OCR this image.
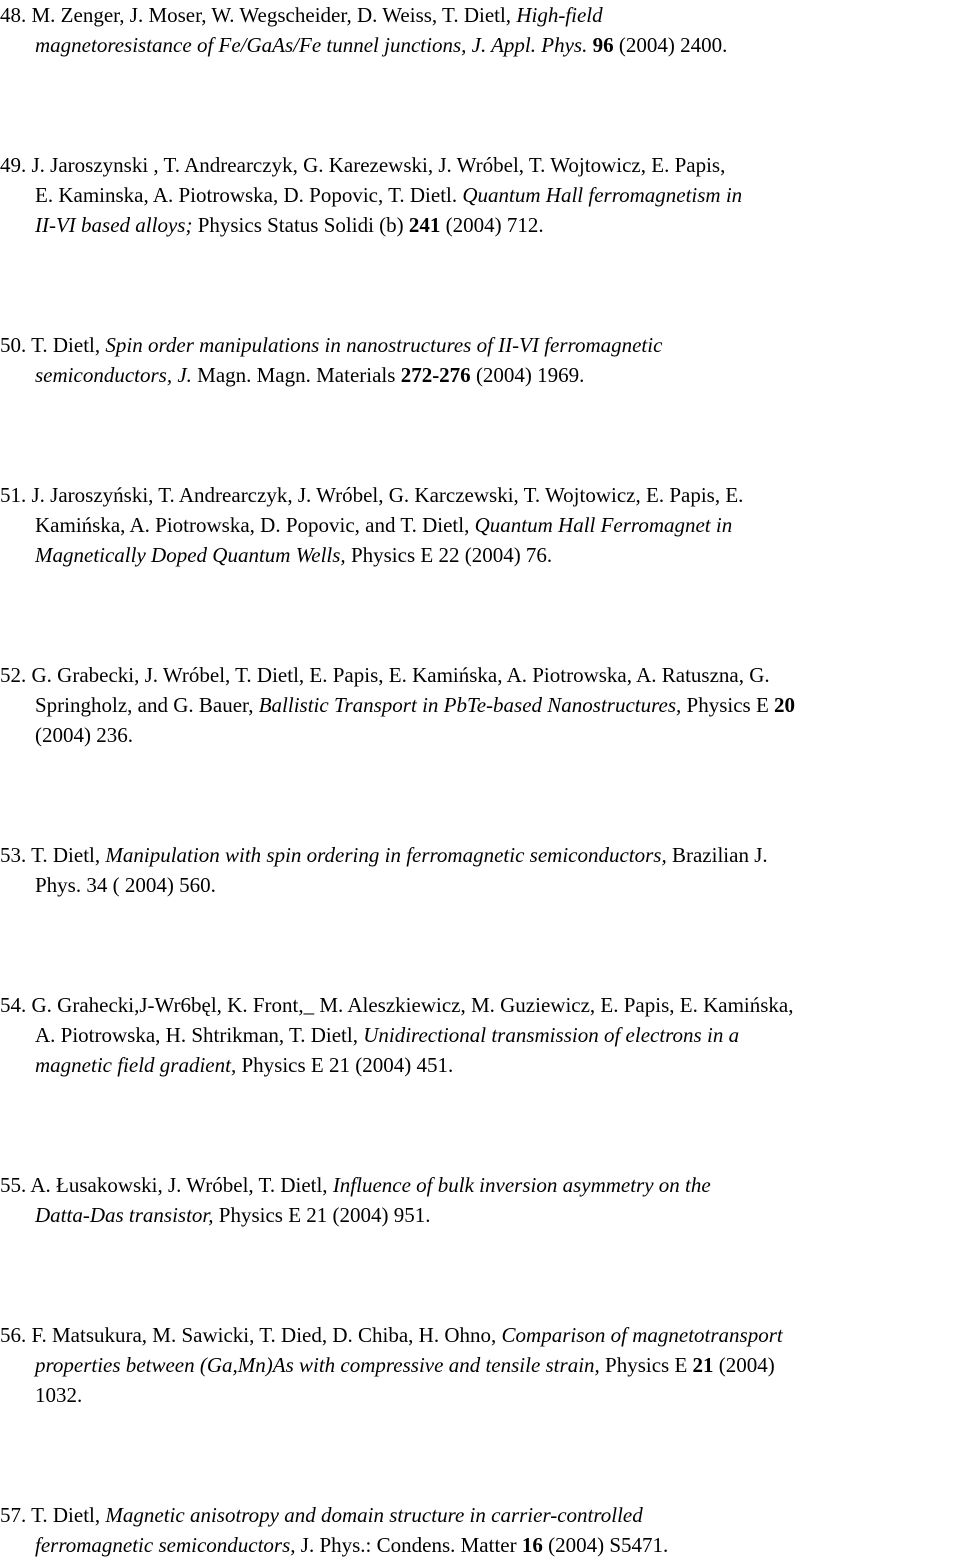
48. M. Zenger, J. Moser, W. Wegscheider, D. Weiss, T. Dietl, High-field
magnetoresistance of Fe/GaAs/Fe tunnel junctions, J. Appl. Phys. 96 (2004) 2400.
49. J. Jaroszynski , T. Andrearczyk, G. Karezewski, J. Wróbel, T. Wojtowicz, E. Papis,
E. Kaminska, A. Piotrowska, D. Popovic, T. Dietl. Quantum Hall ferromagnetism in
II-VI based alloys; Physics Status Solidi (b) 241 (2004) 712.
50. T. Dietl, Spin order manipulations in nanostructures of II-VI ferromagnetic
semiconductors, J. Magn. Magn. Materials 272-276 (2004) 1969.
51. J. Jaroszyński, T. Andrearczyk, J. Wróbel, G. Karczewski, T. Wojtowicz, E. Papis, E.
Kamińska, A. Piotrowska, D. Popovic, and T. Dietl, Quantum Hall Ferromagnet in
Magnetically Doped Quantum Wells, Physics E 22 (2004) 76.
52. G. Grabecki, J. Wróbel, T. Dietl, E. Papis, E. Kamińska, A. Piotrowska, A. Ratuszna, G.
Springholz, and G. Bauer, Ballistic Transport in PbTe-based Nanostructures, Physics E 20
(2004) 236.
53. T. Dietl, Manipulation with spin ordering in ferromagnetic semiconductors, Brazilian J.
Phys. 34 ( 2004) 560.
54. G. Grahecki,J-Wr6bęl, K. Front,_ M. Aleszkiewicz, M. Guziewicz, E. Papis, E. Kamińska,
A. Piotrowska, H. Shtrikman, T. Dietl, Unidirectional transmission of electrons in a
magnetic field gradient, Physics E 21 (2004) 451.
55. A. Łusakowski, J. Wróbel, T. Dietl, Influence of bulk inversion asymmetry on the
Datta-Das transistor, Physics E 21 (2004) 951.
56. F. Matsukura, M. Sawicki, T. Died, D. Chiba, H. Ohno, Comparison of magnetotransport
properties between (Ga,Mn)As with compressive and tensile strain, Physics E 21 (2004)
1032.
57. T. Dietl, Magnetic anisotropy and domain structure in carrier-controlled
ferromagnetic semiconductors, J. Phys.: Condens. Matter 16 (2004) S5471.
